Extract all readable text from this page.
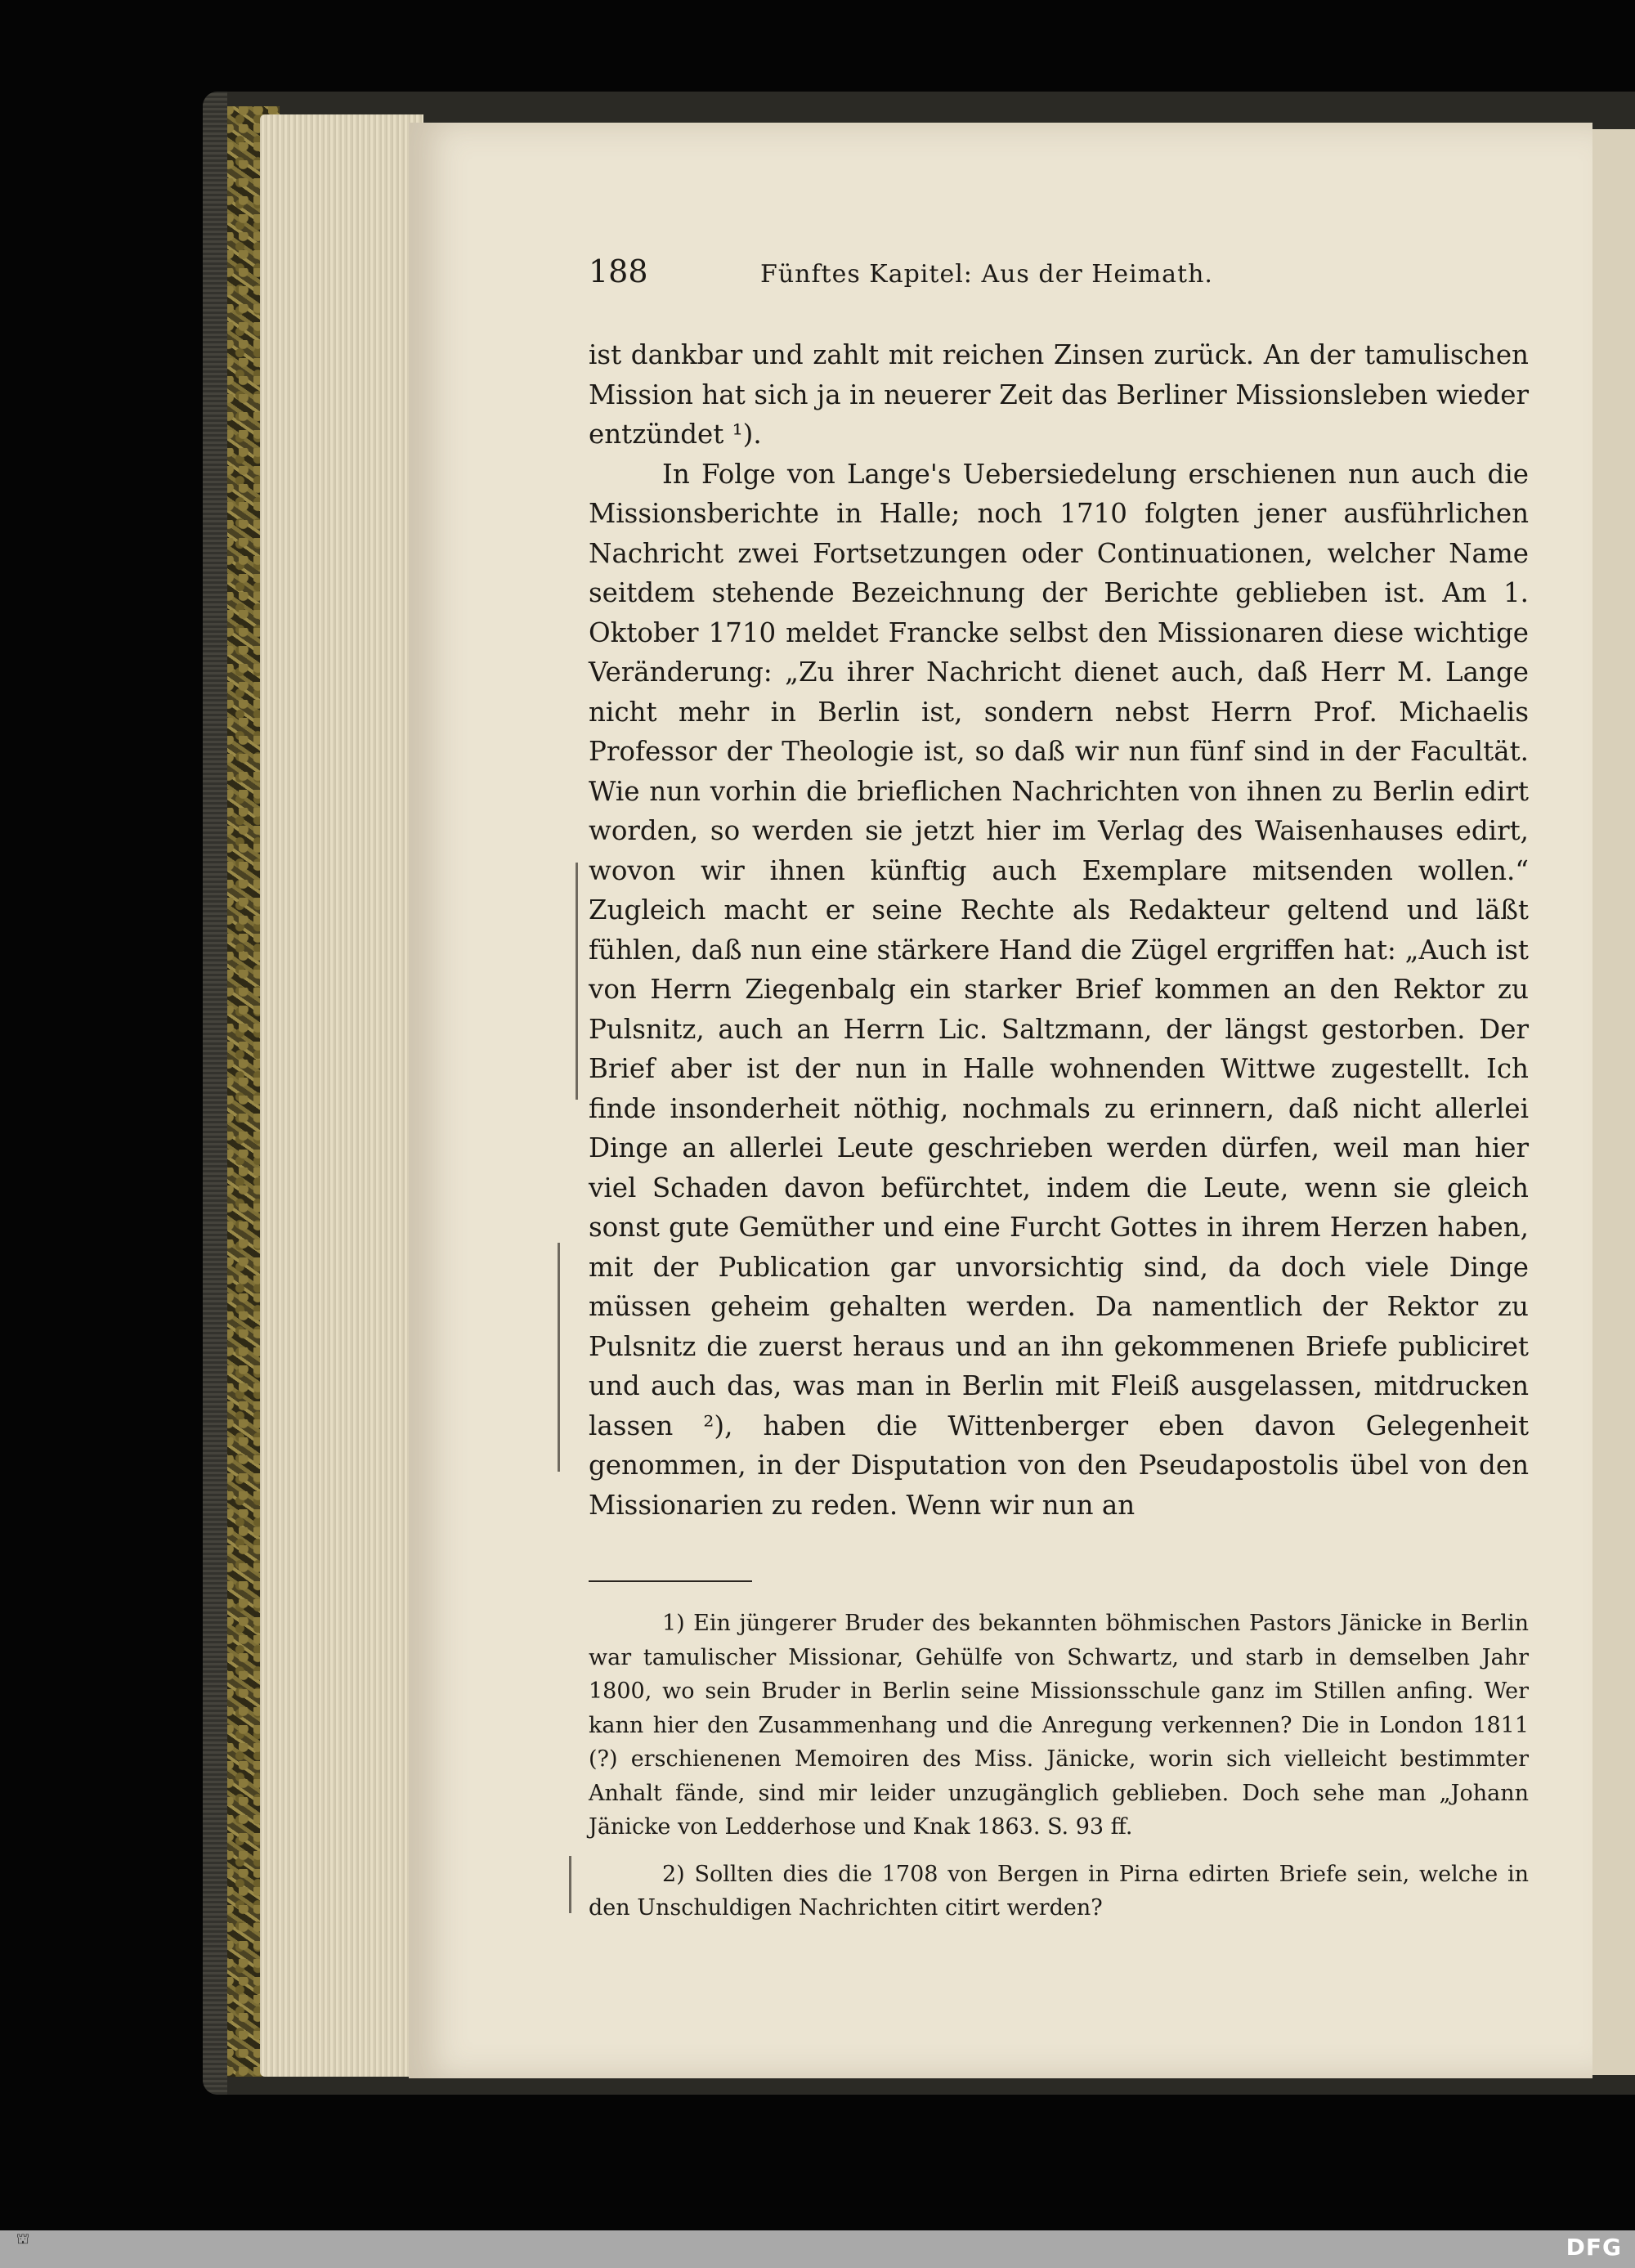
188	Fünftes Kapitel: Aus der Heimath.

ist dankbar und zahlt mit reichen Zinsen zurück. An der tamulischen Mission hat sich ja in neuerer Zeit das Berliner Missionsleben wieder entzündet ¹).

In Folge von Lange's Uebersiedelung erschienen nun auch die Missionsberichte in Halle; noch 1710 folgten jener ausführlichen Nachricht zwei Fortsetzungen oder Continuationen, welcher Name seitdem stehende Bezeichnung der Berichte geblieben ist. Am 1. Oktober 1710 meldet Francke selbst den Missionaren diese wichtige Veränderung: „Zu ihrer Nachricht dienet auch, daß Herr M. Lange nicht mehr in Berlin ist, sondern nebst Herrn Prof. Michaelis Professor der Theologie ist, so daß wir nun fünf sind in der Facultät. Wie nun vorhin die brieflichen Nachrichten von ihnen zu Berlin edirt worden, so werden sie jetzt hier im Verlag des Waisenhauses edirt, wovon wir ihnen künftig auch Exemplare mitsenden wollen.“ Zugleich macht er seine Rechte als Redakteur geltend und läßt fühlen, daß nun eine stärkere Hand die Zügel ergriffen hat: „Auch ist von Herrn Ziegenbalg ein starker Brief kommen an den Rektor zu Pulsnitz, auch an Herrn Lic. Saltzmann, der längst gestorben. Der Brief aber ist der nun in Halle wohnenden Wittwe zugestellt. Ich finde insonderheit nöthig, nochmals zu erinnern, daß nicht allerlei Dinge an allerlei Leute geschrieben werden dürfen, weil man hier viel Schaden davon befürchtet, indem die Leute, wenn sie gleich sonst gute Gemüther und eine Furcht Gottes in ihrem Herzen haben, mit der Publication gar unvorsichtig sind, da doch viele Dinge müssen geheim gehalten werden. Da namentlich der Rektor zu Pulsnitz die zuerst heraus und an ihn gekommenen Briefe publiciret und auch das, was man in Berlin mit Fleiß ausgelassen, mitdrucken lassen ²), haben die Wittenberger eben davon Gelegenheit genommen, in der Disputation von den Pseudapostolis übel von den Missionarien zu reden. Wenn wir nun an

1) Ein jüngerer Bruder des bekannten böhmischen Pastors Jänicke in Berlin war tamulischer Missionar, Gehülfe von Schwartz, und starb in demselben Jahr 1800, wo sein Bruder in Berlin seine Missionsschule ganz im Stillen anfing. Wer kann hier den Zusammenhang und die Anregung verkennen? Die in London 1811 (?) erschienenen Memoiren des Miss. Jänicke, worin sich vielleicht bestimmter Anhalt fände, sind mir leider unzugänglich geblieben. Doch sehe man „Johann Jänicke von Ledderhose und Knak 1863. S. 93 ff.

2) Sollten dies die 1708 von Bergen in Pirna edirten Briefe sein, welche in den Unschuldigen Nachrichten citirt werden?

⛫	DFG
